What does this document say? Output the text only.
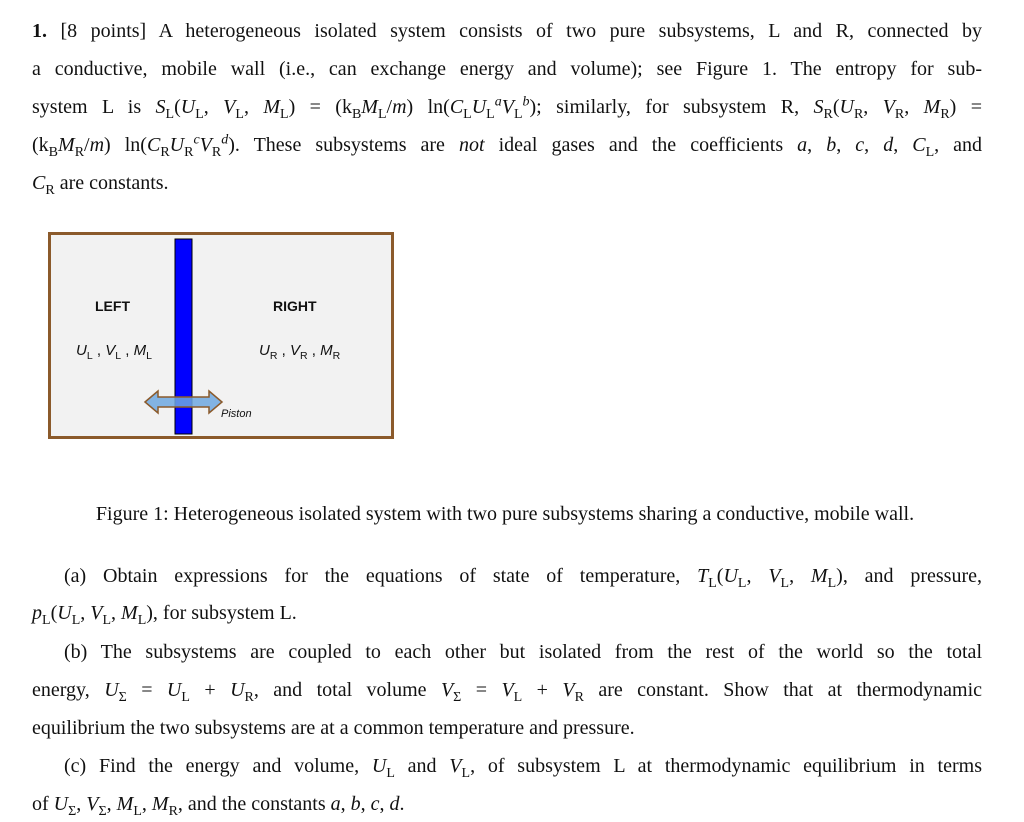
1. [8 points] A heterogeneous isolated system consists of two pure subsystems, L and R, connected by
a conductive, mobile wall (i.e., can exchange energy and volume); see Figure 1. The entropy for sub-
system L is $S_L(U_L$, $V_L$, $M_L) = (k_BM_L/m)$ $\ln(C_LU_L^aV_L^b)$; similarly, for subsystem R, $S_R(U_R$, $V_R$, $M_R$) =
$(k_BM_R/m)$ $\ln(C_RU_R^cV_R^d)$. These subsystems are not ideal gases and the coefficients a, b, c, d, $C_L$, and
$C_R$ are constants.
LEFT	RIGHT
$U_L$ , $V_L$ , $M_L$	$U_R$ , $V_R$ , $M_R$
Piston
Figure 1: Heterogeneous isolated system with two pure subsystems sharing a conductive, mobile wall.
(a) Obtain expressions for the equations of state of temperature, $T_L(U_L$, $V_L$, $M_L$), and pressure,
$p_L(U_L$, $V_L$, $M_L$), for subsystem L.
(b) The subsystems are coupled to each other but isolated from the rest of the world so the total
energy, $U_\Sigma = U_L + U_R$, and total volume $V_\Sigma = V_L + V_R$ are constant. Show that at thermodynamic
equilibrium the two subsystems are at a common temperature and pressure.
(c) Find the energy and volume, $U_L$ and $V_L$, of subsystem L at thermodynamic equilibrium in terms
of $U_\Sigma$, $V_\Sigma$, $M_L$, $M_R$, and the constants a, b, c, d.
